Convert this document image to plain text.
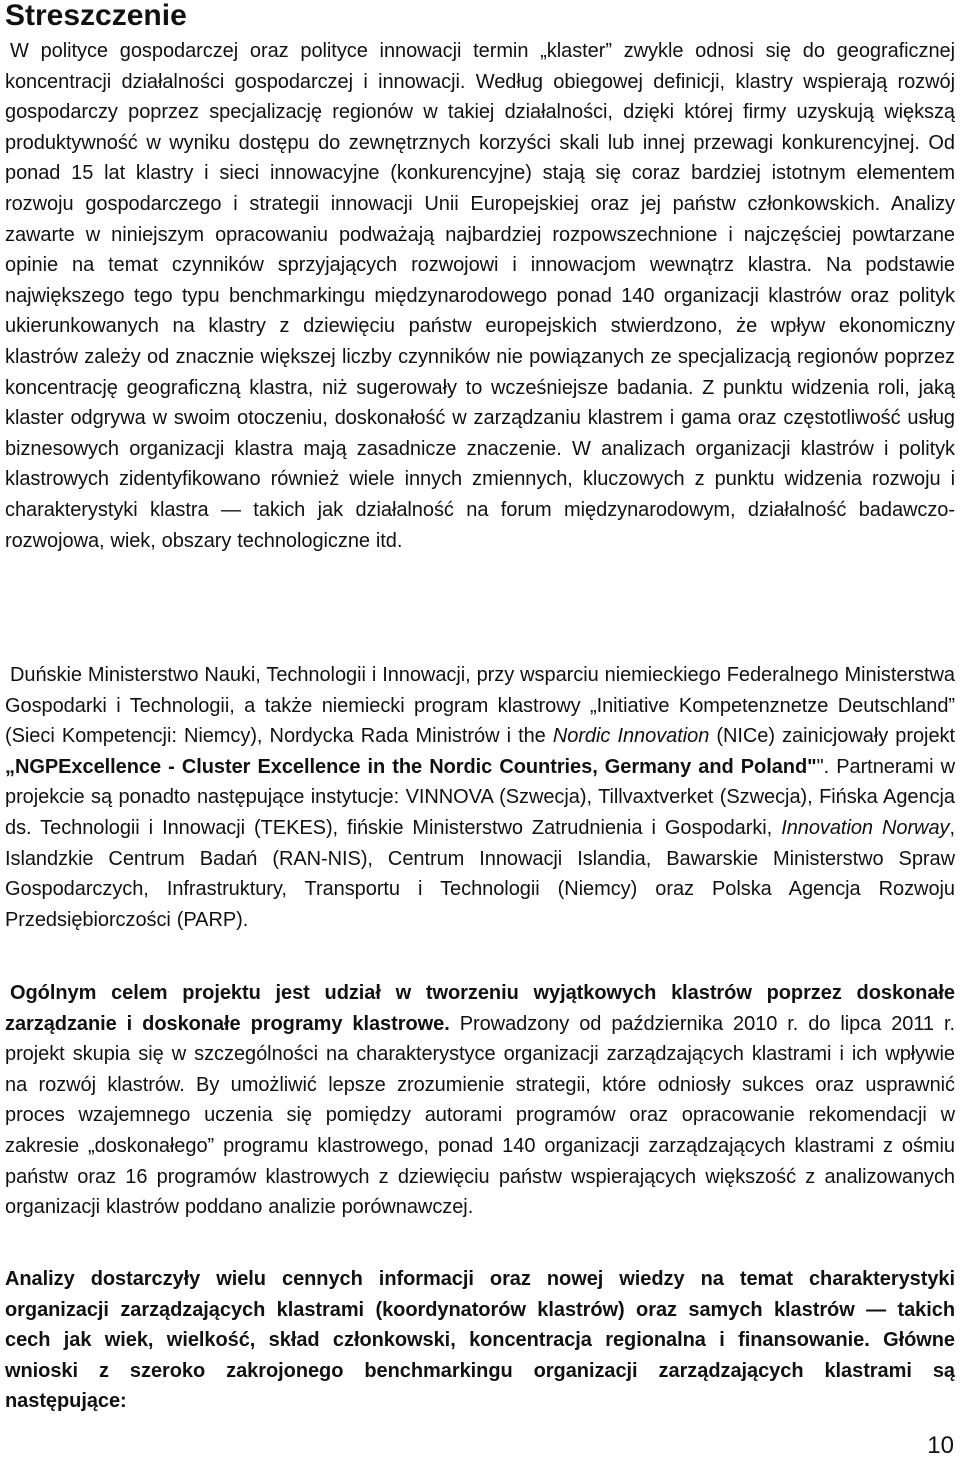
Streszczenie

W polityce gospodarczej oraz polityce innowacji termin „klaster” zwykle odnosi się do geograficznej koncentracji działalności gospodarczej i innowacji. Według obiegowej definicji, klastry wspierają rozwój gospodarczy poprzez specjalizację regionów w takiej działalności, dzięki której firmy uzyskują większą produktywność w wyniku dostępu do zewnętrznych korzyści skali lub innej przewagi konkurencyjnej. Od ponad 15 lat klastry i sieci innowacyjne (konkurencyjne) stają się coraz bardziej istotnym elementem rozwoju gospodarczego i strategii innowacji Unii Europejskiej oraz jej państw członkowskich. Analizy zawarte w niniejszym opracowaniu podważają najbardziej rozpowszechnione i najczęściej powtarzane opinie na temat czynników sprzyjających rozwojowi i innowacjom wewnątrz klastra. Na podstawie największego tego typu benchmarkingu międzynarodowego ponad 140 organizacji klastrów oraz polityk ukierunkowanych na klastry z dziewięciu państw europejskich stwierdzono, że wpływ ekonomiczny klastrów zależy od znacznie większej liczby czynników nie powiązanych ze specjalizacją regionów poprzez koncentrację geograficzną klastra, niż sugerowały to wcześniejsze badania. Z punktu widzenia roli, jaką klaster odgrywa w swoim otoczeniu, doskonałość w zarządzaniu klastrem i gama oraz częstotliwość usług biznesowych organizacji klastra mają zasadnicze znaczenie. W analizach organizacji klastrów i polityk klastrowych zidentyfikowano również wiele innych zmiennych, kluczowych z punktu widzenia rozwoju i charakterystyki klastra — takich jak działalność na forum międzynarodowym, działalność badawczo-rozwojowa, wiek, obszary technologiczne itd.

Duńskie Ministerstwo Nauki, Technologii i Innowacji, przy wsparciu niemieckiego Federalnego Ministerstwa Gospodarki i Technologii, a także niemiecki program klastrowy „Initiative Kompetenznetze Deutschland” (Sieci Kompetencji: Niemcy), Nordycka Rada Ministrów i the Nordic Innovation (NICe) zainicjowały projekt „NGPExcellence - Cluster Excellence in the Nordic Countries, Germany and Poland"". Partnerami w projekcie są ponadto następujące instytucje: VINNOVA (Szwecja), Tillvaxtverket (Szwecja), Fińska Agencja ds. Technologii i Innowacji (TEKES), fińskie Ministerstwo Zatrudnienia i Gospodarki, Innovation Norway, Islandzkie Centrum Badań (RAN-NIS), Centrum Innowacji Islandia, Bawarskie Ministerstwo Spraw Gospodarczych, Infrastruktury, Transportu i Technologii (Niemcy) oraz Polska Agencja Rozwoju Przedsiębiorczości (PARP).

Ogólnym celem projektu jest udział w tworzeniu wyjątkowych klastrów poprzez doskonałe zarządzanie i doskonałe programy klastrowe. Prowadzony od października 2010 r. do lipca 2011 r. projekt skupia się w szczególności na charakterystyce organizacji zarządzających klastrami i ich wpływie na rozwój klastrów. By umożliwić lepsze zrozumienie strategii, które odniosły sukces oraz usprawnić proces wzajemnego uczenia się pomiędzy autorami programów oraz opracowanie rekomendacji w zakresie „doskonałego” programu klastrowego, ponad 140 organizacji zarządzających klastrami z ośmiu państw oraz 16 programów klastrowych z dziewięciu państw wspierających większość z analizowanych organizacji klastrów poddano analizie porównawczej.

Analizy dostarczyły wielu cennych informacji oraz nowej wiedzy na temat charakterystyki organizacji zarządzających klastrami (koordynatorów klastrów) oraz samych klastrów — takich cech jak wiek, wielkość, skład członkowski, koncentracja regionalna i finansowanie. Główne wnioski z szeroko zakrojonego benchmarkingu organizacji zarządzających klastrami są następujące:

10
